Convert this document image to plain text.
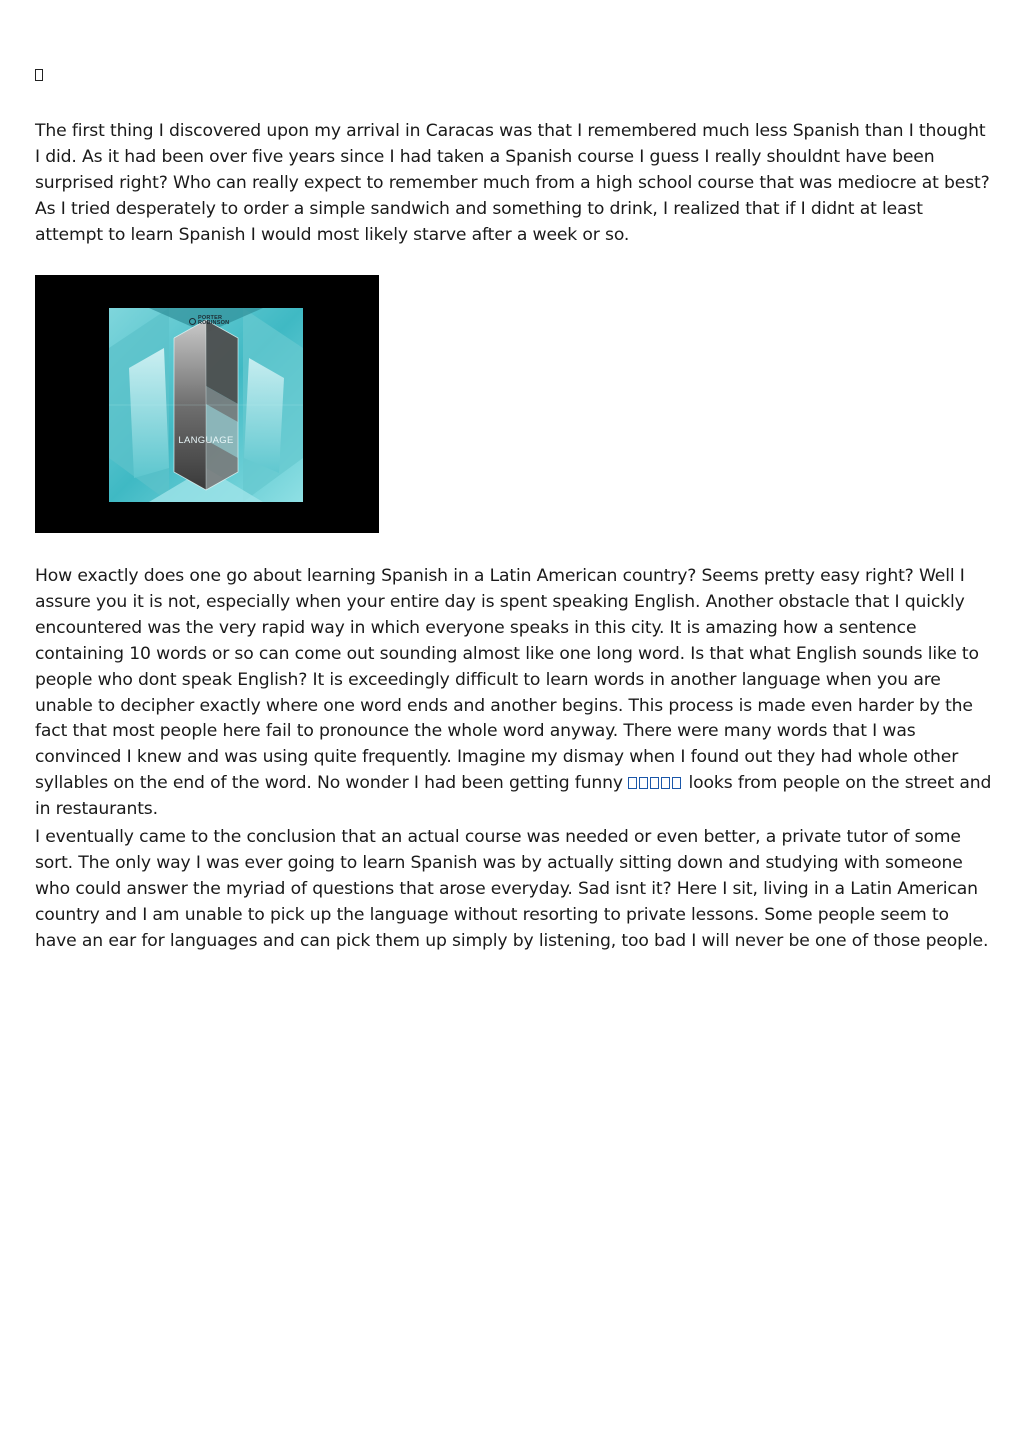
The first thing I discovered upon my arrival in Caracas was that I remembered much less Spanish than I thought I did. As it had been over five years since I had taken a Spanish course I guess I really shouldnt have been surprised right? Who can really expect to remember much from a high school course that was mediocre at best? As I tried desperately to order a simple sandwich and something to drink, I realized that if I didnt at least attempt to learn Spanish I would most likely starve after a week or so.

PORTER ROBINSON
LANGUAGE

How exactly does one go about learning Spanish in a Latin American country? Seems pretty easy right? Well I assure you it is not, especially when your entire day is spent speaking English. Another obstacle that I quickly encountered was the very rapid way in which everyone speaks in this city. It is amazing how a sentence containing 10 words or so can come out sounding almost like one long word. Is that what English sounds like to people who dont speak English? It is exceedingly difficult to learn words in another language when you are unable to decipher exactly where one word ends and another begins. This process is made even harder by the fact that most people here fail to pronounce the whole word anyway. There were many words that I was convinced I knew and was using quite frequently. Imagine my dismay when I found out they had whole other syllables on the end of the word. No wonder I had been getting funny	looks from people on the street and in restaurants.

I eventually came to the conclusion that an actual course was needed or even better, a private tutor of some sort. The only way I was ever going to learn Spanish was by actually sitting down and studying with someone who could answer the myriad of questions that arose everyday. Sad isnt it? Here I sit, living in a Latin American country and I am unable to pick up the language without resorting to private lessons. Some people seem to have an ear for languages and can pick them up simply by listening, too bad I will never be one of those people.
